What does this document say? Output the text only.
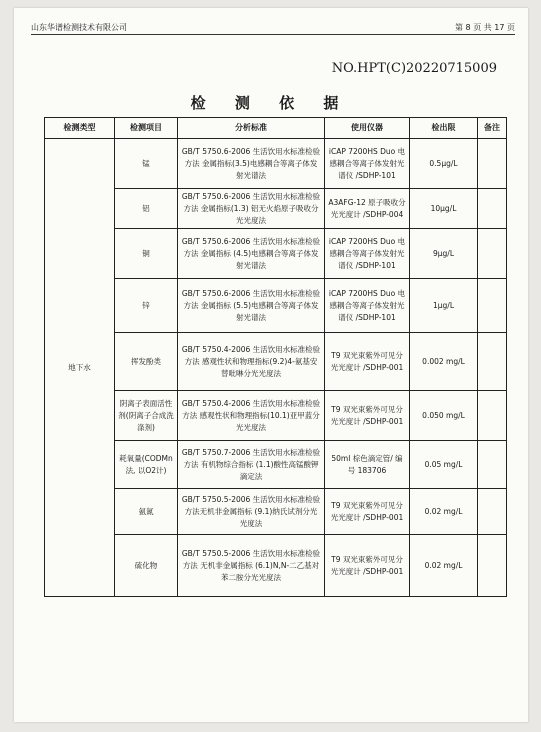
山东华谱检测技术有限公司	第 8 页 共 17 页
NO.HPT(C)20220715009
检 测 依 据
检测类型	检测项目	分析标准	使用仪器	检出限	备注
地下水	锰	GB/T 5750.6-2006 生活饮用水标准检验方法 金属指标(3.5)电感耦合等离子体发射光谱法	iCAP 7200HS Duo 电感耦合等离子体发射光谱仪 /SDHP-101	0.5μg/L	
	铝	GB/T 5750.6-2006 生活饮用水标准检验方法 金属指标(1.3) 铝无火焰原子吸收分光光度法	A3AFG-12 原子吸收分光光度计 /SDHP-004	10μg/L	
	铜	GB/T 5750.6-2006 生活饮用水标准检验方法 金属指标 (4.5)电感耦合等离子体发射光谱法	iCAP 7200HS Duo 电感耦合等离子体发射光谱仪 /SDHP-101	9μg/L	
	锌	GB/T 5750.6-2006 生活饮用水标准检验方法 金属指标 (5.5)电感耦合等离子体发射光谱法	iCAP 7200HS Duo 电感耦合等离子体发射光谱仪 /SDHP-101	1μg/L	
	挥发酚类	GB/T 5750.4-2006 生活饮用水标准检验方法 感观性状和物理指标(9.2)4-氨基安替吡啉分光光度法	T9 双光束紫外可见分光光度计 /SDHP-001	0.002 mg/L	
	阴离子表面活性剂(阴离子合成洗涤剂)	GB/T 5750.4-2006 生活饮用水标准检验方法 感观性状和物理指标(10.1)亚甲蓝分光光度法	T9 双光束紫外可见分光光度计 /SDHP-001	0.050 mg/L	
	耗氧量(CODMn法, 以O2计)	GB/T 5750.7-2006 生活饮用水标准检验方法 有机物综合指标 (1.1)酸性高锰酸钾滴定法	50ml 棕色滴定管/ 编号 183706	0.05 mg/L	
	氨氮	GB/T 5750.5-2006 生活饮用水标准检验方法无机非金属指标 (9.1)纳氏试剂分光光度法	T9 双光束紫外可见分光光度计 /SDHP-001	0.02 mg/L	
	硫化物	GB/T 5750.5-2006 生活饮用水标准检验方法 无机非金属指标 (6.1)N,N-二乙基对苯二胺分光光度法	T9 双光束紫外可见分光光度计 /SDHP-001	0.02 mg/L	
